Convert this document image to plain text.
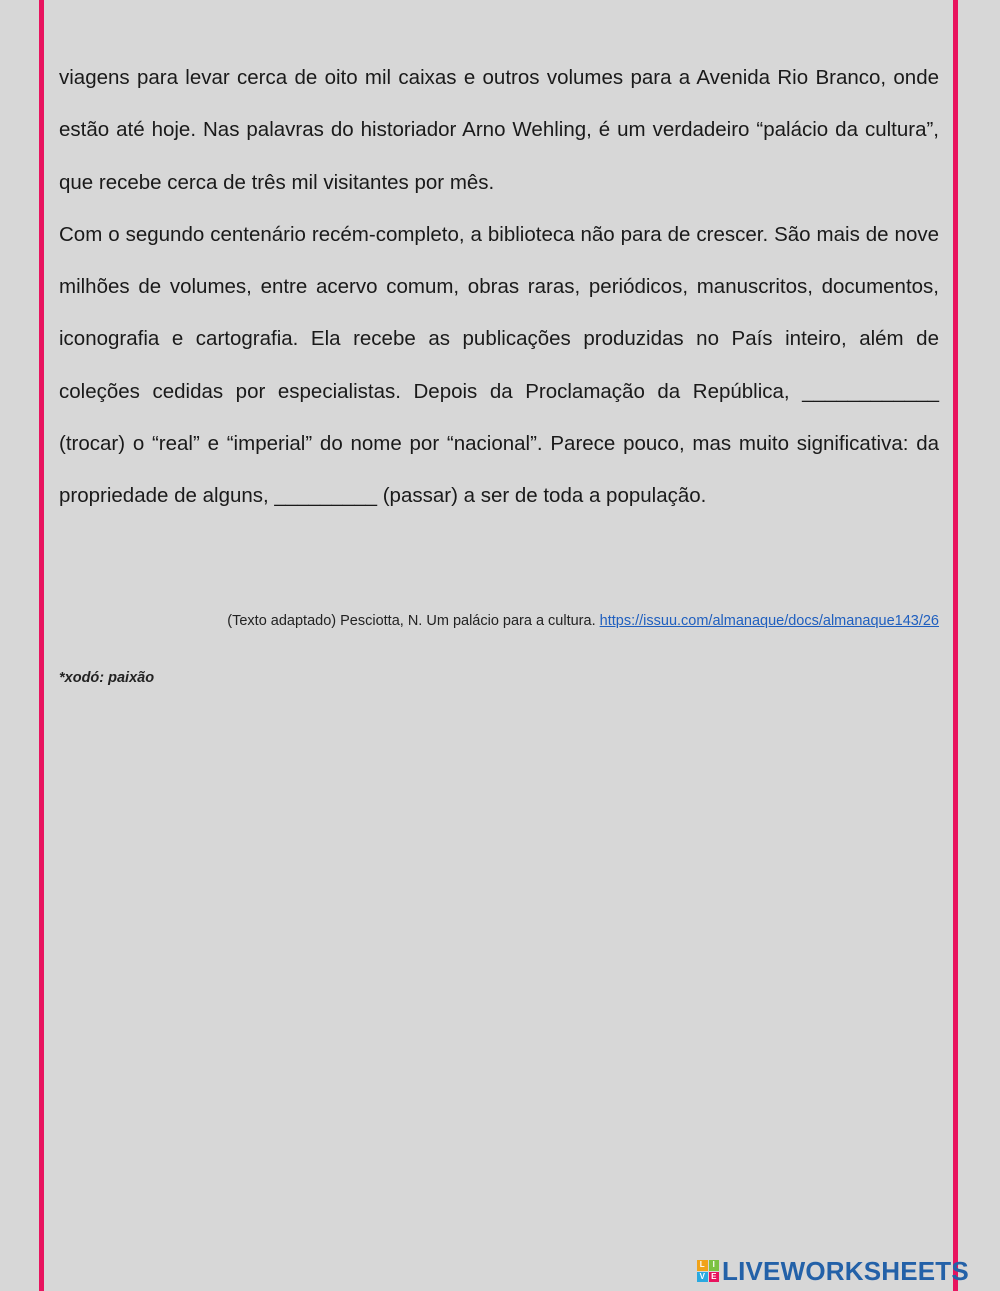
viagens para levar cerca de oito mil caixas e outros volumes para a Avenida Rio Branco, onde estão até hoje. Nas palavras do historiador Arno Wehling, é um verdadeiro “palácio da cultura”, que recebe cerca de três mil visitantes por mês.

Com o segundo centenário recém-completo, a biblioteca não para de crescer. São mais de nove milhões de volumes, entre acervo comum, obras raras, periódicos, manuscritos, documentos, iconografia e cartografia. Ela recebe as publicações produzidas no País inteiro, além de coleções cedidas por especialistas. Depois da Proclamação da República, ____________ (trocar) o “real” e “imperial” do nome por “nacional”. Parece pouco, mas muito significativa: da propriedade de alguns, _________ (passar) a ser de toda a população.

(Texto adaptado) Pesciotta, N. Um palácio para a cultura. https://issuu.com/almanaque/docs/almanaque143/26
*xodó: paixão
L I
V E LIVEWORKSHEETS
